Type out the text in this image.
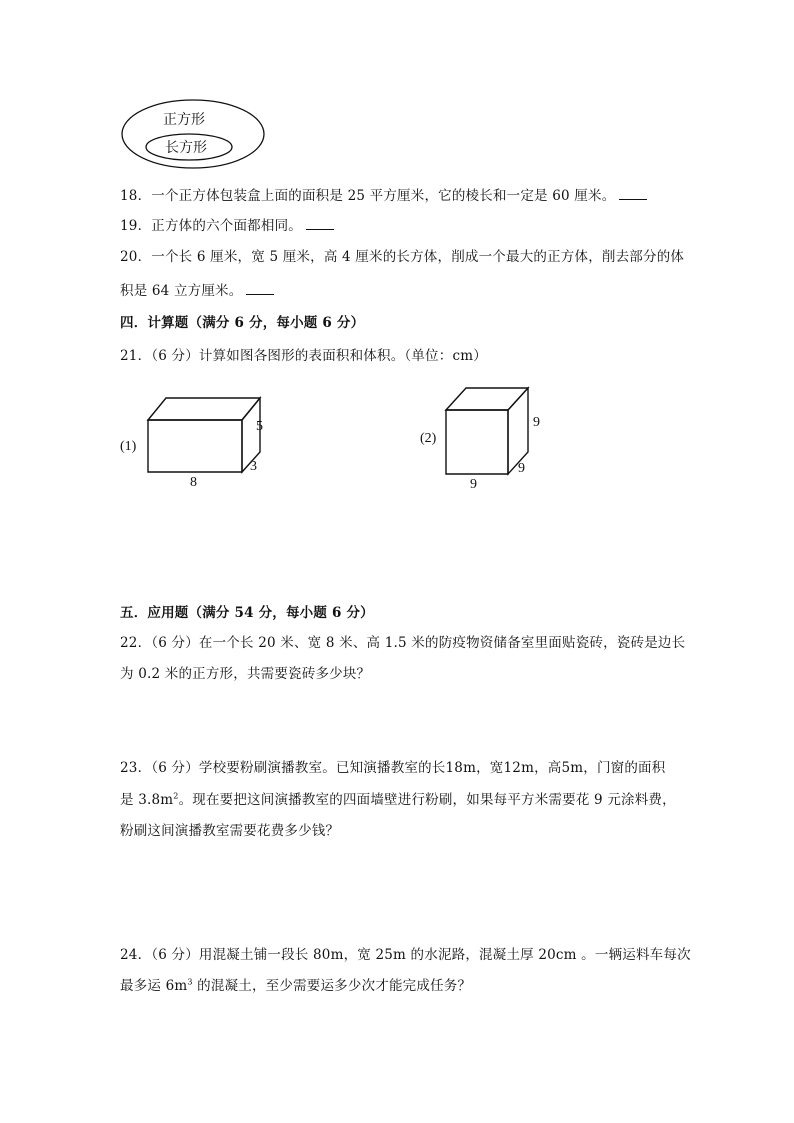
正方形
长方形
18．一个正方体包装盒上面的面积是 25 平方厘米，它的棱长和一定是 60 厘米。
19．正方体的六个面都相同。
20．一个长 6 厘米，宽 5 厘米，高 4 厘米的长方体，削成一个最大的正方体，削去部分的体
积是 64 立方厘米。
四．计算题（满分 6 分，每小题 6 分）
21．（6 分）计算如图各图形的表面积和体积。（单位：cm）
(1)
5
3
8
(2)
9
9
9
五．应用题（满分 54 分，每小题 6 分）
22．（6 分）在一个长 20 米、宽 8 米、高 1.5 米的防疫物资储备室里面贴瓷砖，瓷砖是边长
为 0.2 米的正方形，共需要瓷砖多少块？
23．（6 分）学校要粉刷演播教室。已知演播教室的长18m，宽12m，高5m，门窗的面积
是 $3.8m^2$。现在要把这间演播教室的四面墙壁进行粉刷，如果每平方米需要花 9 元涂料费，
粉刷这间演播教室需要花费多少钱？
24．（6 分）用混凝土铺一段长 80m，宽 25m 的水泥路，混凝土厚 20cm 。一辆运料车每次
最多运 $6m^3$ 的混凝土，至少需要运多少次才能完成任务？
